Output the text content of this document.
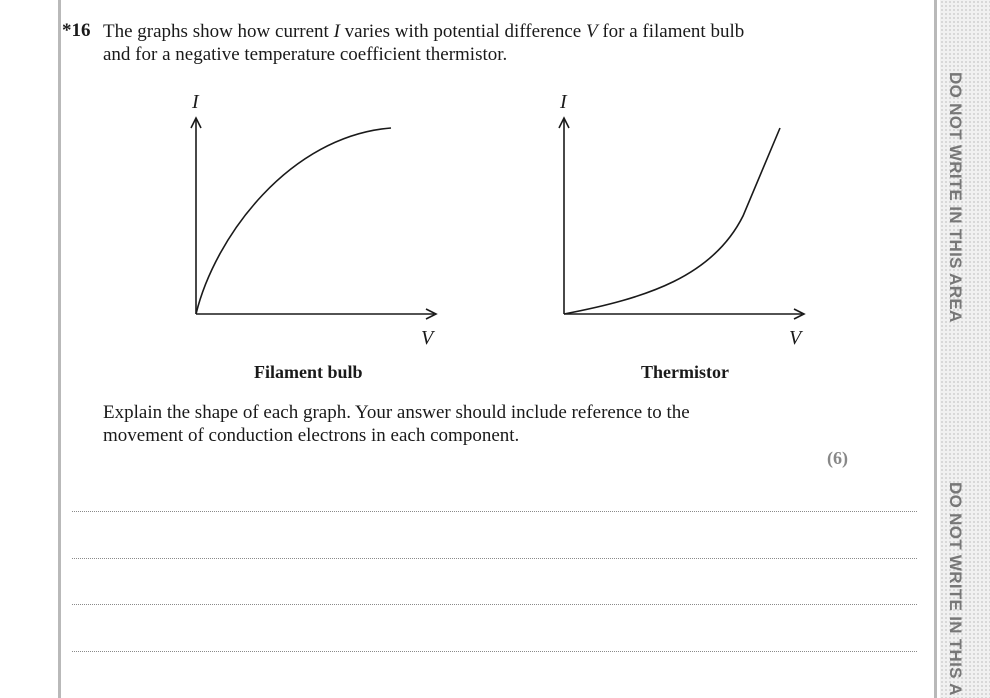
DO NOT WRITE IN THIS AREA
DO NOT WRITE IN THIS A
*16 The graphs show how current I varies with potential difference V for a filament bulb
and for a negative temperature coefficient thermistor.
I
V
I
V
Filament bulb	Thermistor
Explain the shape of each graph. Your answer should include reference to the
movement of conduction electrons in each component.
(6)
